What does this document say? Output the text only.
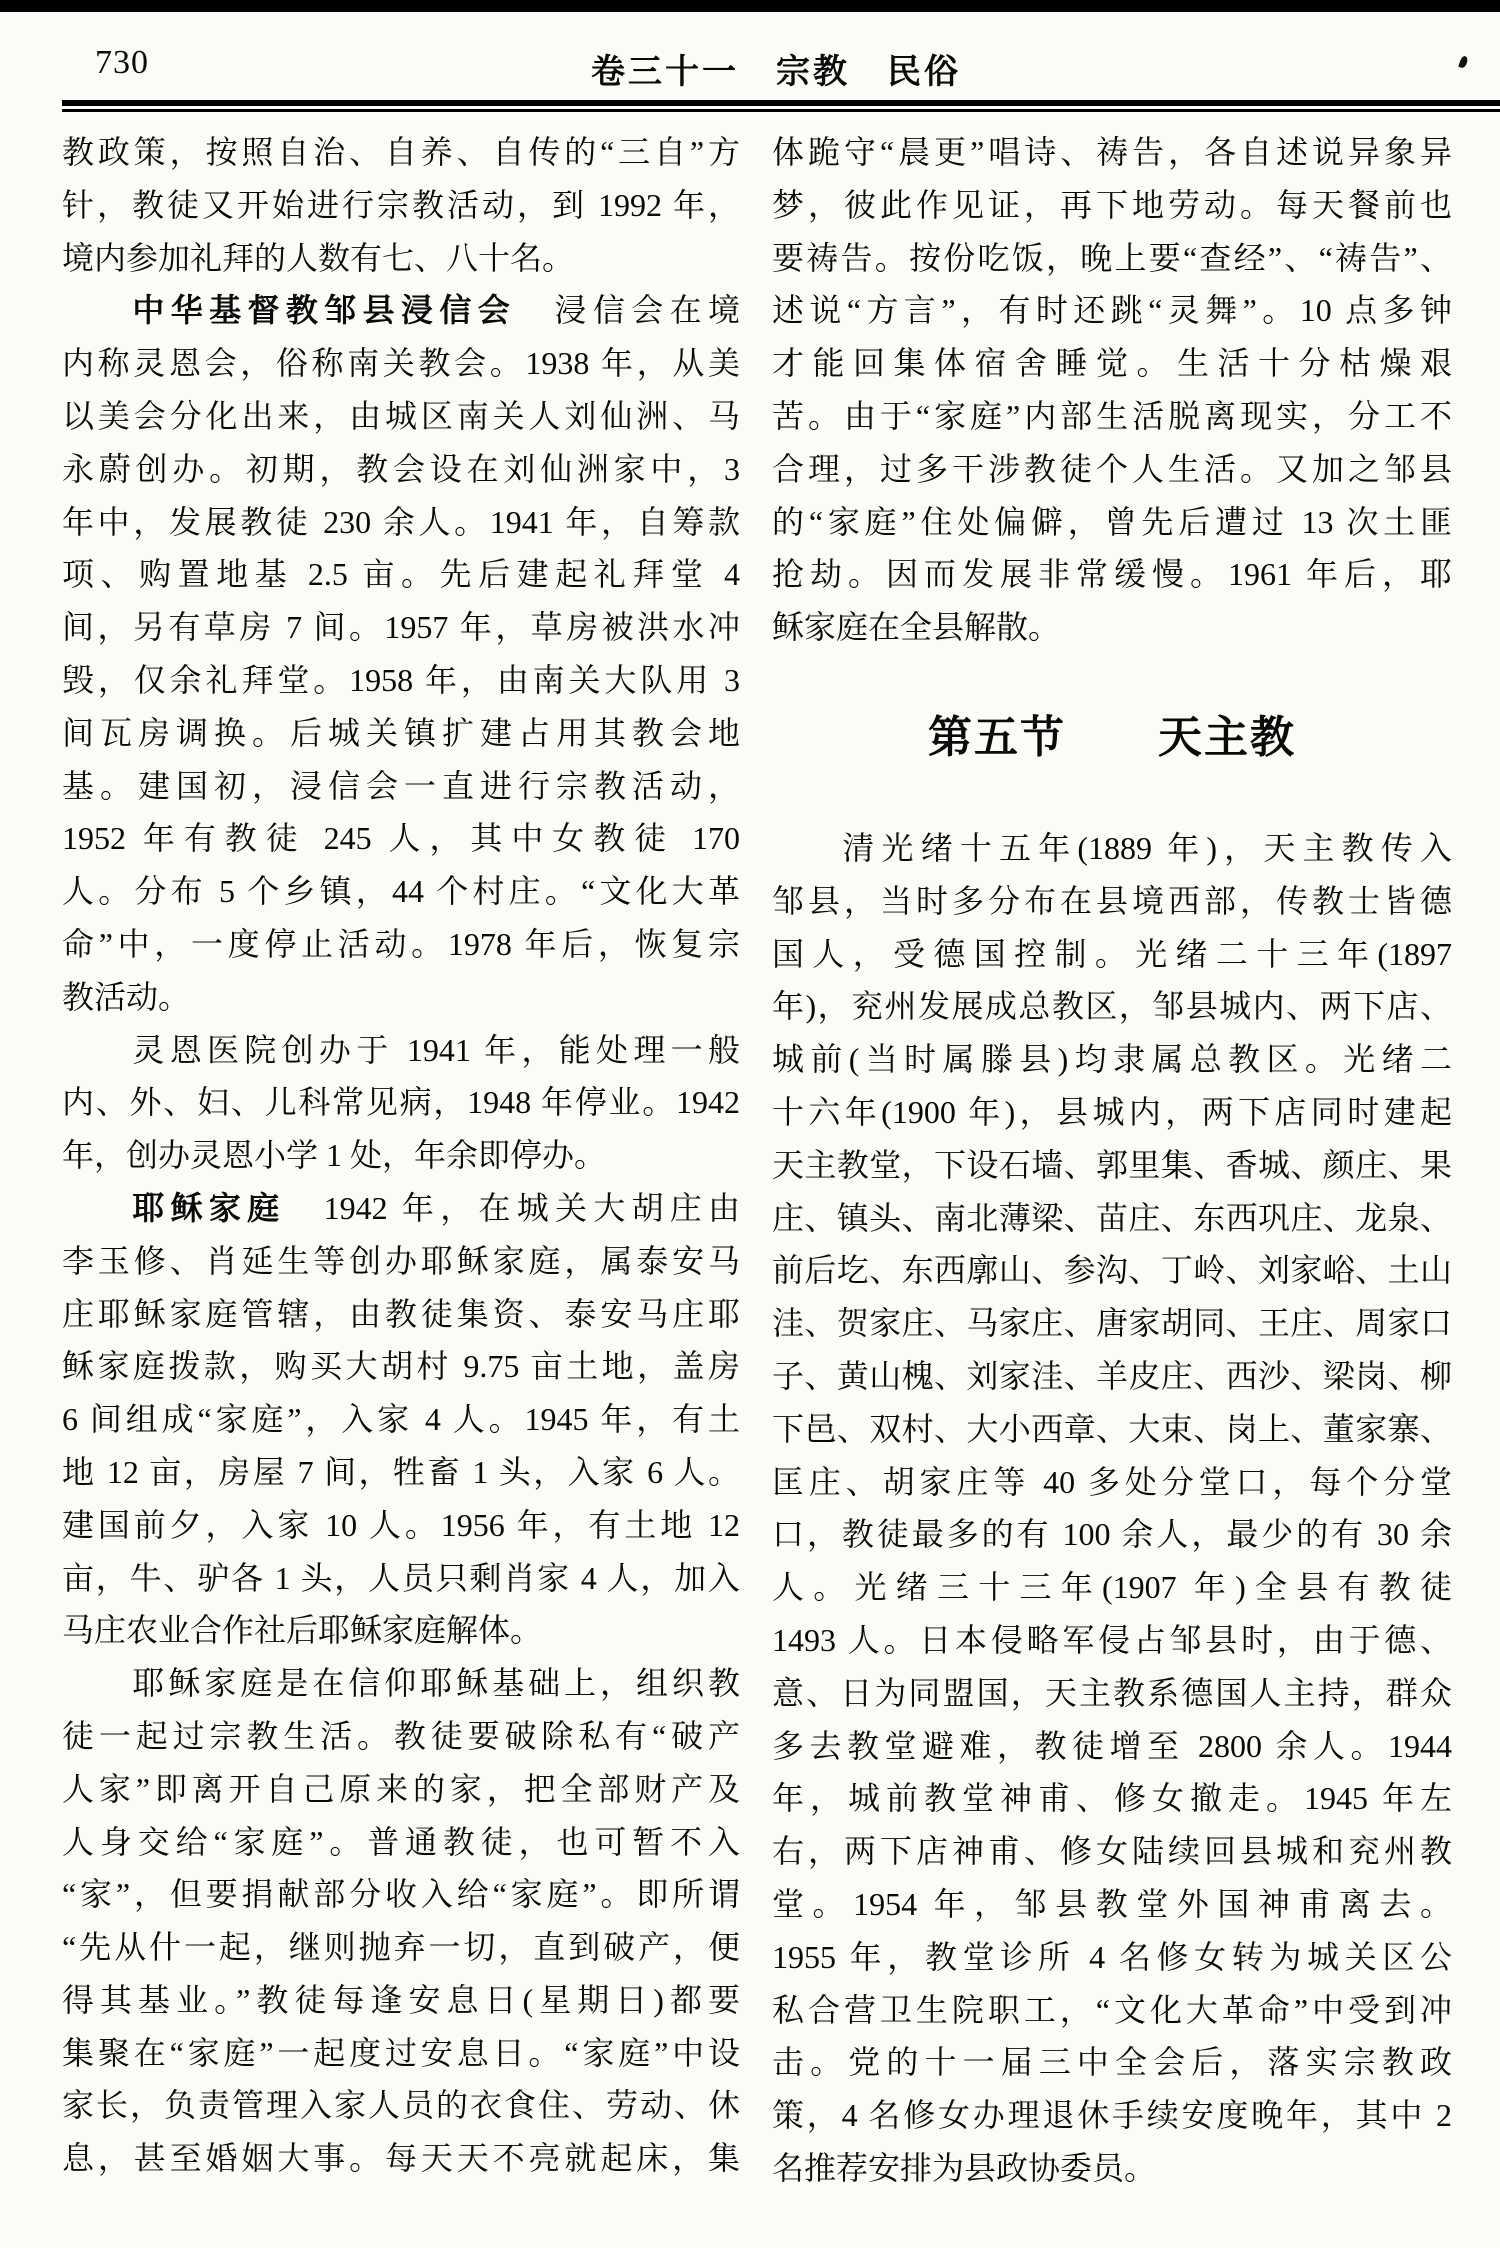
730	卷三十一　宗教　民俗
教政策，按照自治、自养、自传的“三自”方
针，教徒又开始进行宗教活动，到 1992 年，
境内参加礼拜的人数有七、八十名。
中华基督教邹县浸信会　浸信会在境
内称灵恩会，俗称南关教会。1938 年，从美
以美会分化出来，由城区南关人刘仙洲、马
永蔚创办。初期，教会设在刘仙洲家中，3
年中，发展教徒 230 余人。1941 年，自筹款
项、购置地基 2.5 亩。先后建起礼拜堂 4
间，另有草房 7 间。1957 年，草房被洪水冲
毁，仅余礼拜堂。1958 年，由南关大队用 3
间瓦房调换。后城关镇扩建占用其教会地
基。建国初，浸信会一直进行宗教活动，
1952 年有教徒 245 人，其中女教徒 170
人。分布 5 个乡镇，44 个村庄。“文化大革
命”中，一度停止活动。1978 年后，恢复宗
教活动。
灵恩医院创办于 1941 年，能处理一般
内、外、妇、儿科常见病，1948 年停业。1942
年，创办灵恩小学 1 处，年余即停办。
耶稣家庭　1942 年，在城关大胡庄由
李玉修、肖延生等创办耶稣家庭，属泰安马
庄耶稣家庭管辖，由教徒集资、泰安马庄耶
稣家庭拨款，购买大胡村 9.75 亩土地，盖房
6 间组成“家庭”，入家 4 人。1945 年，有土
地 12 亩，房屋 7 间，牲畜 1 头，入家 6 人。
建国前夕，入家 10 人。1956 年，有土地 12
亩，牛、驴各 1 头，人员只剩肖家 4 人，加入
马庄农业合作社后耶稣家庭解体。
耶稣家庭是在信仰耶稣基础上，组织教
徒一起过宗教生活。教徒要破除私有“破产
人家”即离开自己原来的家，把全部财产及
人身交给“家庭”。普通教徒，也可暂不入
“家”，但要捐献部分收入给“家庭”。即所谓
“先从什一起，继则抛弃一切，直到破产，便
得其基业。”教徒每逢安息日(星期日)都要
集聚在“家庭”一起度过安息日。“家庭”中设
家长，负责管理入家人员的衣食住、劳动、休
息，甚至婚姻大事。每天天不亮就起床，集
体跪守“晨更”唱诗、祷告，各自述说异象异
梦，彼此作见证，再下地劳动。每天餐前也
要祷告。按份吃饭，晚上要“查经”、“祷告”、
述说“方言”，有时还跳“灵舞”。10 点多钟
才能回集体宿舍睡觉。生活十分枯燥艰
苦。由于“家庭”内部生活脱离现实，分工不
合理，过多干涉教徒个人生活。又加之邹县
的“家庭”住处偏僻，曾先后遭过 13 次土匪
抢劫。因而发展非常缓慢。1961 年后，耶
稣家庭在全县解散。
第五节　　天主教
清光绪十五年(1889 年)，天主教传入
邹县，当时多分布在县境西部，传教士皆德
国人，受德国控制。光绪二十三年(1897
年)，兖州发展成总教区，邹县城内、两下店、
城前(当时属滕县)均隶属总教区。光绪二
十六年(1900 年)，县城内，两下店同时建起
天主教堂，下设石墙、郭里集、香城、颜庄、果
庄、镇头、南北薄梁、苗庄、东西巩庄、龙泉、
前后圪、东西廓山、参沟、丁岭、刘家峪、土山
洼、贺家庄、马家庄、唐家胡同、王庄、周家口
子、黄山槐、刘家洼、羊皮庄、西沙、梁岗、柳
下邑、双村、大小西章、大束、岗上、董家寨、
匡庄、胡家庄等 40 多处分堂口，每个分堂
口，教徒最多的有 100 余人，最少的有 30 余
人。光绪三十三年(1907 年)全县有教徒
1493 人。日本侵略军侵占邹县时，由于德、
意、日为同盟国，天主教系德国人主持，群众
多去教堂避难，教徒增至 2800 余人。1944
年，城前教堂神甫、修女撤走。1945 年左
右，两下店神甫、修女陆续回县城和兖州教
堂。1954 年，邹县教堂外国神甫离去。
1955 年，教堂诊所 4 名修女转为城关区公
私合营卫生院职工，“文化大革命”中受到冲
击。党的十一届三中全会后，落实宗教政
策，4 名修女办理退休手续安度晚年，其中 2
名推荐安排为县政协委员。
